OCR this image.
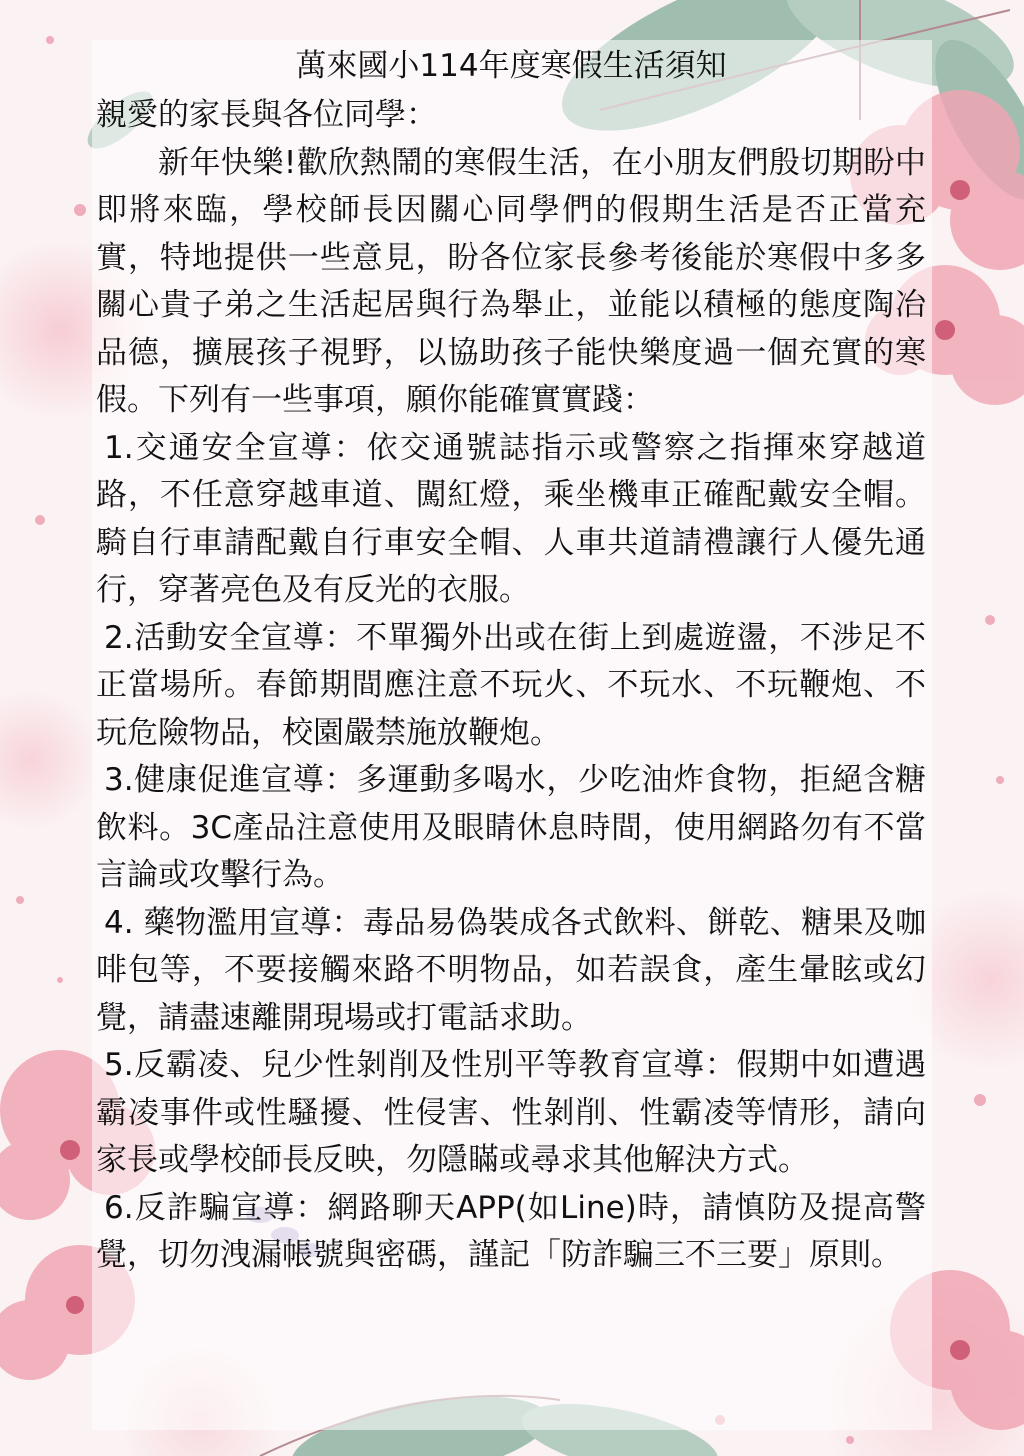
萬來國小114年度寒假生活須知

親愛的家長與各位同學：

新年快樂!歡欣熱鬧的寒假生活，在小朋友們殷切期盼中即將來臨，學校師長因關心同學們的假期生活是否正當充實，特地提供一些意見，盼各位家長參考後能於寒假中多多關心貴子弟之生活起居與行為舉止，並能以積極的態度陶冶品德，擴展孩子視野，以協助孩子能快樂度過一個充實的寒假。下列有一些事項，願你能確實實踐：

1.交通安全宣導：依交通號誌指示或警察之指揮來穿越道路，不任意穿越車道、闖紅燈，乘坐機車正確配戴安全帽。騎自行車請配戴自行車安全帽、人車共道請禮讓行人優先通行，穿著亮色及有反光的衣服。

2.活動安全宣導：不單獨外出或在街上到處遊盪，不涉足不正當場所。春節期間應注意不玩火、不玩水、不玩鞭炮、不玩危險物品，校園嚴禁施放鞭炮。

3.健康促進宣導：多運動多喝水，少吃油炸食物，拒絕含糖飲料。3C產品注意使用及眼睛休息時間，使用網路勿有不當言論或攻擊行為。

4. 藥物濫用宣導：毒品易偽裝成各式飲料、餅乾、糖果及咖啡包等，不要接觸來路不明物品，如若誤食，產生暈眩或幻覺，請盡速離開現場或打電話求助。

5.反霸凌、兒少性剝削及性別平等教育宣導：假期中如遭遇霸凌事件或性騷擾、性侵害、性剝削、性霸凌等情形，請向家長或學校師長反映，勿隱瞞或尋求其他解決方式。

6.反詐騙宣導：網路聊天APP(如Line)時，請慎防及提高警覺，切勿洩漏帳號與密碼，謹記「防詐騙三不三要」原則。
